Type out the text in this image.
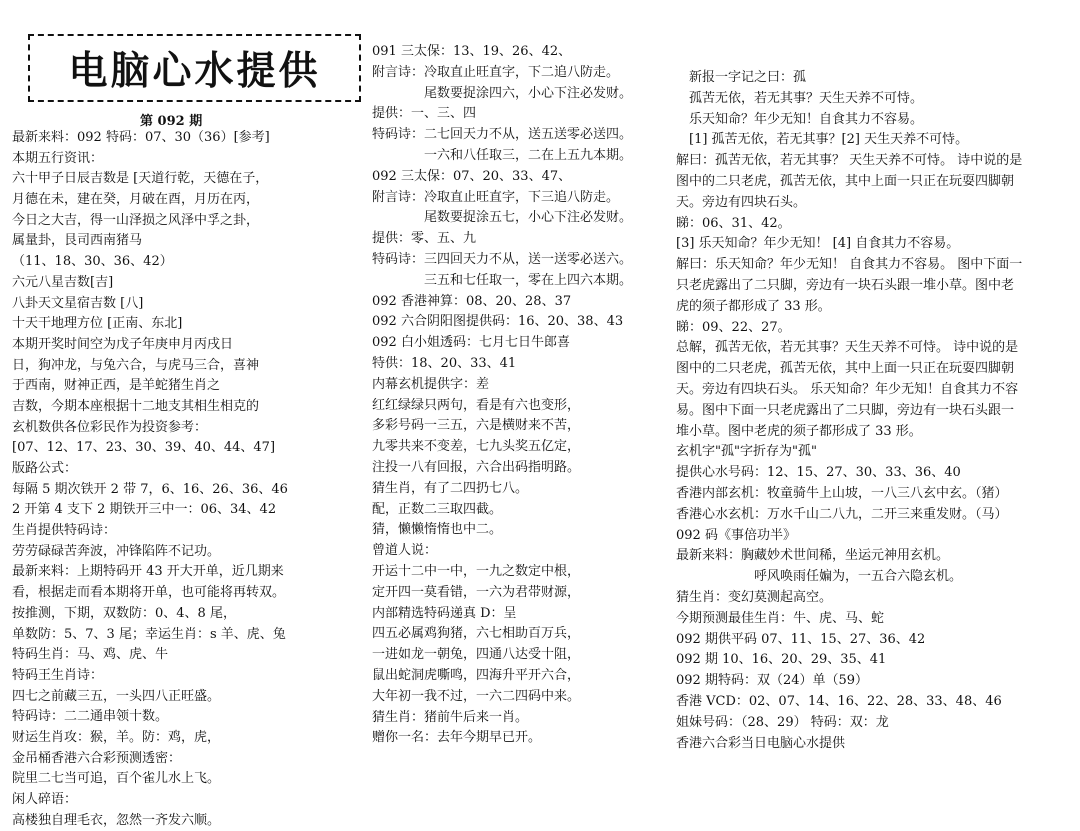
电脑心水提供
第 092 期
最新来料：092 特码：07、30（36）[参考]
本期五行资讯：
六十甲子日辰吉数是 [天道行乾，天德在子，
月德在未，建在癸，月破在酉，月历在丙，
今日之大吉，得一山泽损之风泽中孚之卦，
属量卦，艮司西南猪马
（11、18、30、36、42）
六元八星吉数[吉]
八卦天文星宿吉数 [八]
十天干地理方位 [正南、东北]
本期开奖时间空为戊子年庚申月丙戌日
日，狗冲龙，与兔六合，与虎马三合，喜神
于西南，财神正西，是羊蛇猪生肖之
吉数，今期本座根据十二地支其相生相克的
玄机数供各位彩民作为投资参考：
[07、12、17、23、30、39、40、44、47]
版路公式：
每隔 5 期次铁开 2 带 7，6、16、26、36、46
2 开第 4 支下 2 期铁开三中一：06、34、42
生肖提供特码诗：
劳劳碌碌苦奔波，冲锋陷阵不记功。
最新来料：上期特码开 43 开大开单，近几期来
看，根据走而看本期将开单，也可能将再转双。
按推测，下期，双数防：0、4、8 尾，
单数防：5、7、3 尾；幸运生肖：s 羊、虎、兔
特码生肖：马、鸡、虎、牛
特码王生肖诗：
四七之前藏三五，一头四八正旺盛。
特码诗：二二通串领十数。
财运生肖攻：猴，羊。防：鸡，虎，
金吊桶香港六合彩预测透密：
院里二七当可追，百个雀儿水上飞。
闲人碎语：
高楼独自理毛衣，忽然一齐发六顺。
091 三太保：13、19、26、42、
附言诗：冷取直止旺直字，下二追八防走。
　　　　尾数要捉涂四六，小心下注必发财。
提供：一、三、四
特码诗：二七回天力不从，送五送零必送四。
　　　　一六和八任取三，二在上五九本期。
092 三太保：07、20、33、47、
附言诗：冷取直止旺直字，下三追八防走。
　　　　尾数要捉涂五七，小心下注必发财。
提供：零、五、九
特码诗：三四回天力不从，送一送零必送六。
　　　　三五和七任取一，零在上四六本期。
092 香港神算：08、20、28、37
092 六合阴阳图提供码：16、20、38、43
092 白小姐透码：七月七日牛郎喜
特供：18、20、33、41
内幕玄机提供字：差
红红绿绿只两句，看是有六也变形，
多彩号码一三五，六是横财来不苦，
九零共来不变差，七九头奖五亿定，
注投一八有回报，六合出码指明路。
猜生肖，有了二四扔七八。
配，正数二三取四截。
猜，懒懒惰惰也中二。
曾道人说：
开运十二中一中，一九之数定中根，
定开四一莫看错，一六为君带财源，
内部精选特码递真 D：呈
四五必属鸡狗猪，六七相助百万兵，
一进如龙一朝兔，四通八达受十阻，
鼠出蛇洞虎嘶鸣，四海升平开六合，
大年初一我不过，一六二四码中来。
猜生肖：猪前牛后来一肖。
赠你一名：去年今期早已开。
　新报一字记之曰：孤
　孤苦无依，若无其事？天生天养不可恃。
　乐天知命？年少无知！自食其力不容易。
　[1] 孤苦无依，若无其事？[2] 天生天养不可恃。
解曰：孤苦无依，若无其事？ 天生天养不可恃。 诗中说的是
图中的二只老虎，孤苦无依，其中上面一只正在玩耍四脚朝
天。旁边有四块石头。
睇：06、31、42。
[3] 乐天知命？年少无知！ [4] 自食其力不容易。
解曰：乐天知命？年少无知！ 自食其力不容易。 图中下面一
只老虎露出了二只脚，旁边有一块石头跟一堆小草。图中老
虎的须子都形成了 33 形。
睇：09、22、27。
总解，孤苦无依，若无其事？天生天养不可恃。 诗中说的是
图中的二只老虎，孤苦无依，其中上面一只正在玩耍四脚朝
天。旁边有四块石头。 乐天知命？年少无知！自食其力不容
易。图中下面一只老虎露出了二只脚，旁边有一块石头跟一
堆小草。图中老虎的须子都形成了 33 形。
玄机字"孤"字折存为"孤"
提供心水号码：12、15、27、30、33、36、40
香港内部玄机：牧童骑牛上山坡，一八三八玄中玄。（猪）
香港心水玄机：万水千山二八九，二开三来重发财。（马）
092 码《事倍功半》
最新来料：胸藏妙术世间稀，坐运元神用玄机。
　　　　　　呼风唤雨任媥为，一五合六隐玄机。
猜生肖：变幻莫测起高空。
今期预测最佳生肖：牛、虎、马、蛇
092 期供平码 07、11、15、27、36、42
092 期 10、16、20、29、35、41
092 期特码：双（24）单（59）
香港 VCD：02、07、14、16、22、28、33、48、46
姐妹号码：（28、29） 特码：双：龙
香港六合彩当日电脑心水提供
